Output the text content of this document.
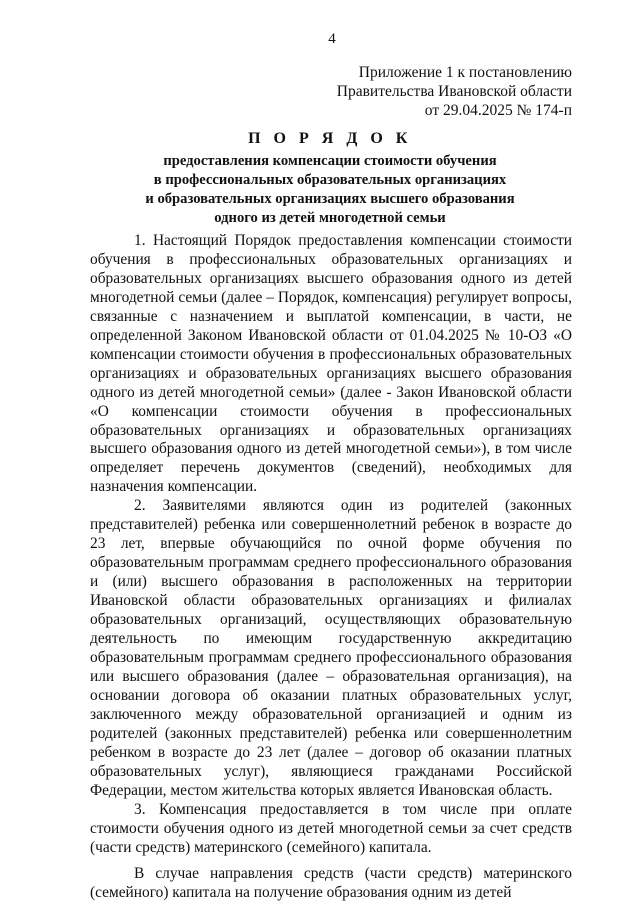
4
Приложение 1 к постановлению
Правительства Ивановской области
от 29.04.2025 № 174-п
П О Р Я Д О К
предоставления компенсации стоимости обучения
в профессиональных образовательных организациях
и образовательных организациях высшего образования
одного из детей многодетной семьи

1. Настоящий Порядок предоставления компенсации стоимости обучения в профессиональных образовательных организациях и образовательных организациях высшего образования одного из детей многодетной семьи (далее – Порядок, компенсация) регулирует вопросы, связанные с назначением и выплатой компенсации, в части, не определенной Законом Ивановской области от 01.04.2025 № 10-ОЗ «О компенсации стоимости обучения в профессиональных образовательных организациях и образовательных организациях высшего образования одного из детей многодетной семьи» (далее - Закон Ивановской области «О компенсации стоимости обучения в профессиональных образовательных организациях и образовательных организациях высшего образования одного из детей многодетной семьи»), в том числе определяет перечень документов (сведений), необходимых для назначения компенсации.

2. Заявителями являются один из родителей (законных представителей) ребенка или совершеннолетний ребенок в возрасте до 23 лет, впервые обучающийся по очной форме обучения по образовательным программам среднего профессионального образования и (или) высшего образования в расположенных на территории Ивановской области образовательных организациях и филиалах образовательных организаций, осуществляющих образовательную деятельность по имеющим государственную аккредитацию образовательным программам среднего профессионального образования или высшего образования (далее – образовательная организация), на основании договора об оказании платных образовательных услуг, заключенного между образовательной организацией и одним из родителей (законных представителей) ребенка или совершеннолетним ребенком в возрасте до 23 лет (далее – договор об оказании платных образовательных услуг), являющиеся гражданами Российской Федерации, местом жительства которых является Ивановская область.

3. Компенсация предоставляется в том числе при оплате стоимости обучения одного из детей многодетной семьи за счет средств (части средств) материнского (семейного) капитала.

В случае направления средств (части средств) материнского (семейного) капитала на получение образования одним из детей
